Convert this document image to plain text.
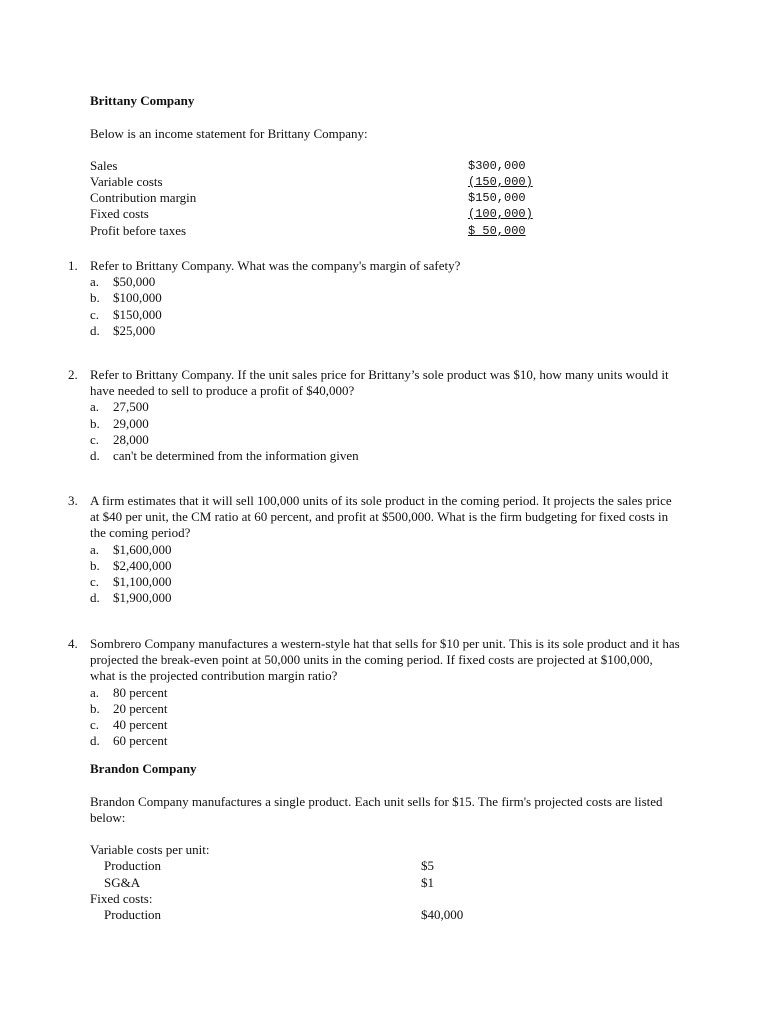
Brittany Company
Below is an income statement for Brittany Company:
Sales	$300,000
Variable costs	(150,000)
Contribution margin	$150,000
Fixed costs	(100,000)
Profit before taxes	$ 50,000
1. Refer to Brittany Company. What was the company's margin of safety?
a.	$50,000
b.	$100,000
c.	$150,000
d.	$25,000
2. Refer to Brittany Company. If the unit sales price for Brittany’s sole product was $10, how many units would it have needed to sell to produce a profit of $40,000?
a.	27,500
b.	29,000
c.	28,000
d.	can't be determined from the information given
3. A firm estimates that it will sell 100,000 units of its sole product in the coming period. It projects the sales price at $40 per unit, the CM ratio at 60 percent, and profit at $500,000. What is the firm budgeting for fixed costs in the coming period?
a.	$1,600,000
b.	$2,400,000
c.	$1,100,000
d.	$1,900,000
4. Sombrero Company manufactures a western-style hat that sells for $10 per unit. This is its sole product and it has projected the break-even point at 50,000 units in the coming period. If fixed costs are projected at $100,000, what is the projected contribution margin ratio?
a.	80 percent
b.	20 percent
c.	40 percent
d.	60 percent
Brandon Company
Brandon Company manufactures a single product. Each unit sells for $15. The firm's projected costs are listed below:
Variable costs per unit:
Production	$5
SG&A	$1
Fixed costs:
Production	$40,000
